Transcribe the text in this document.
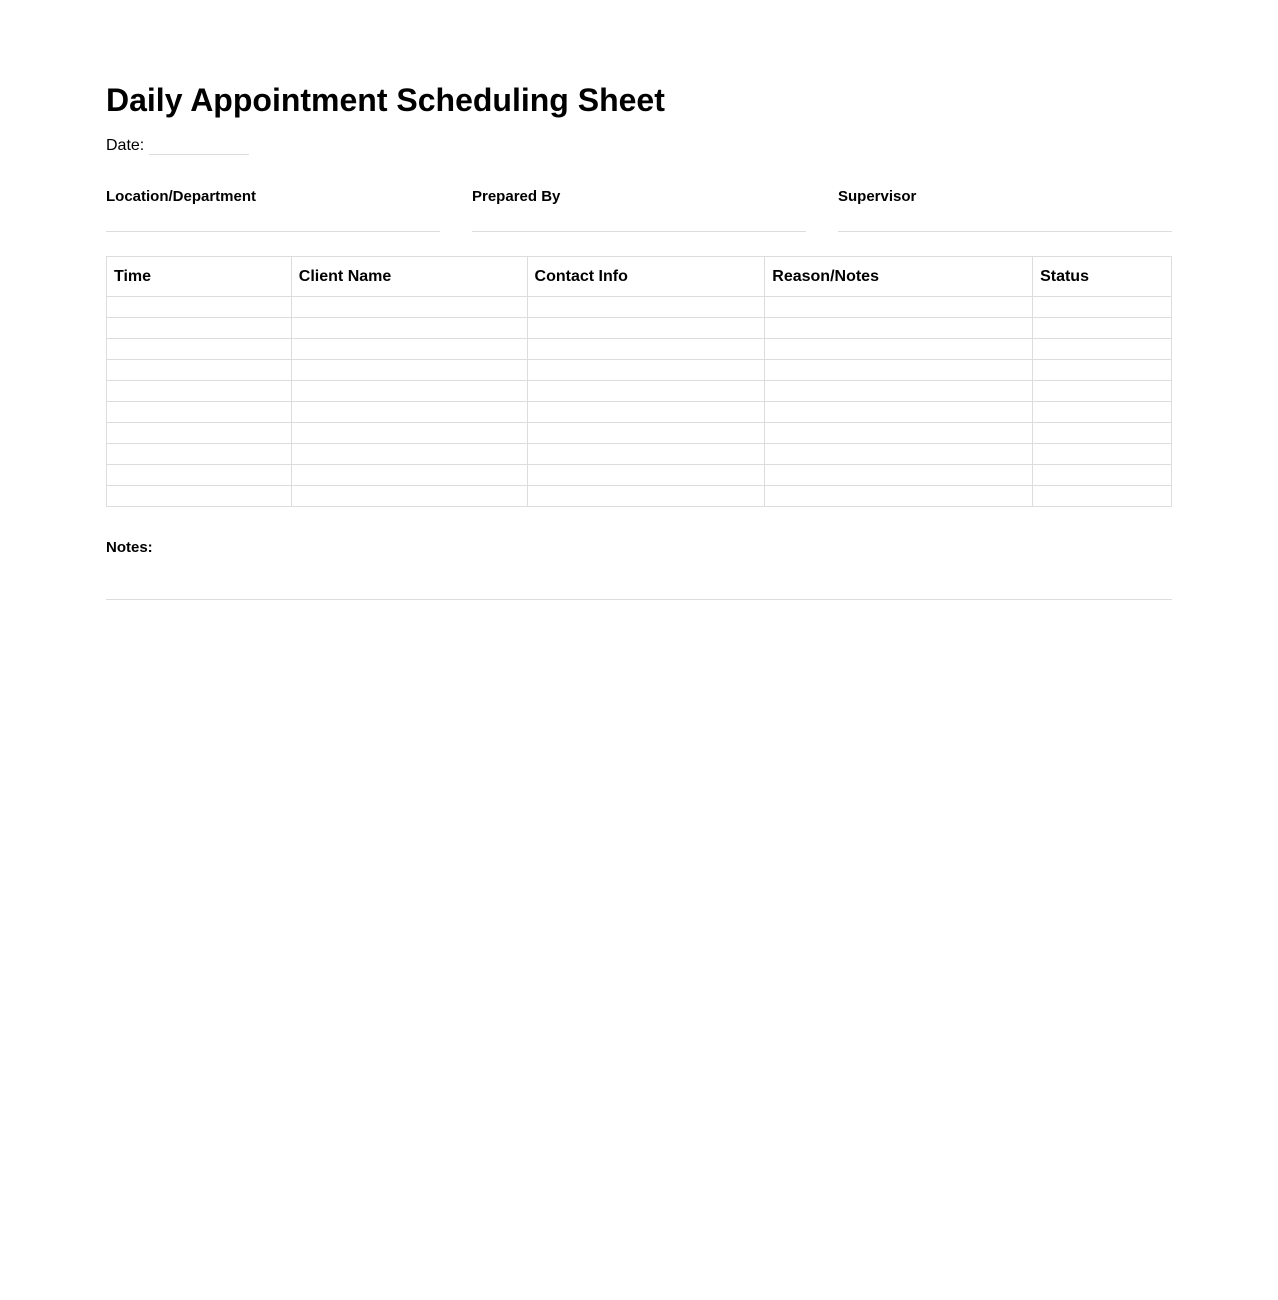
Daily Appointment Scheduling Sheet
Date:
Location/Department	Prepared By	Supervisor
Time	Client Name	Contact Info	Reason/Notes	Status

Notes:
